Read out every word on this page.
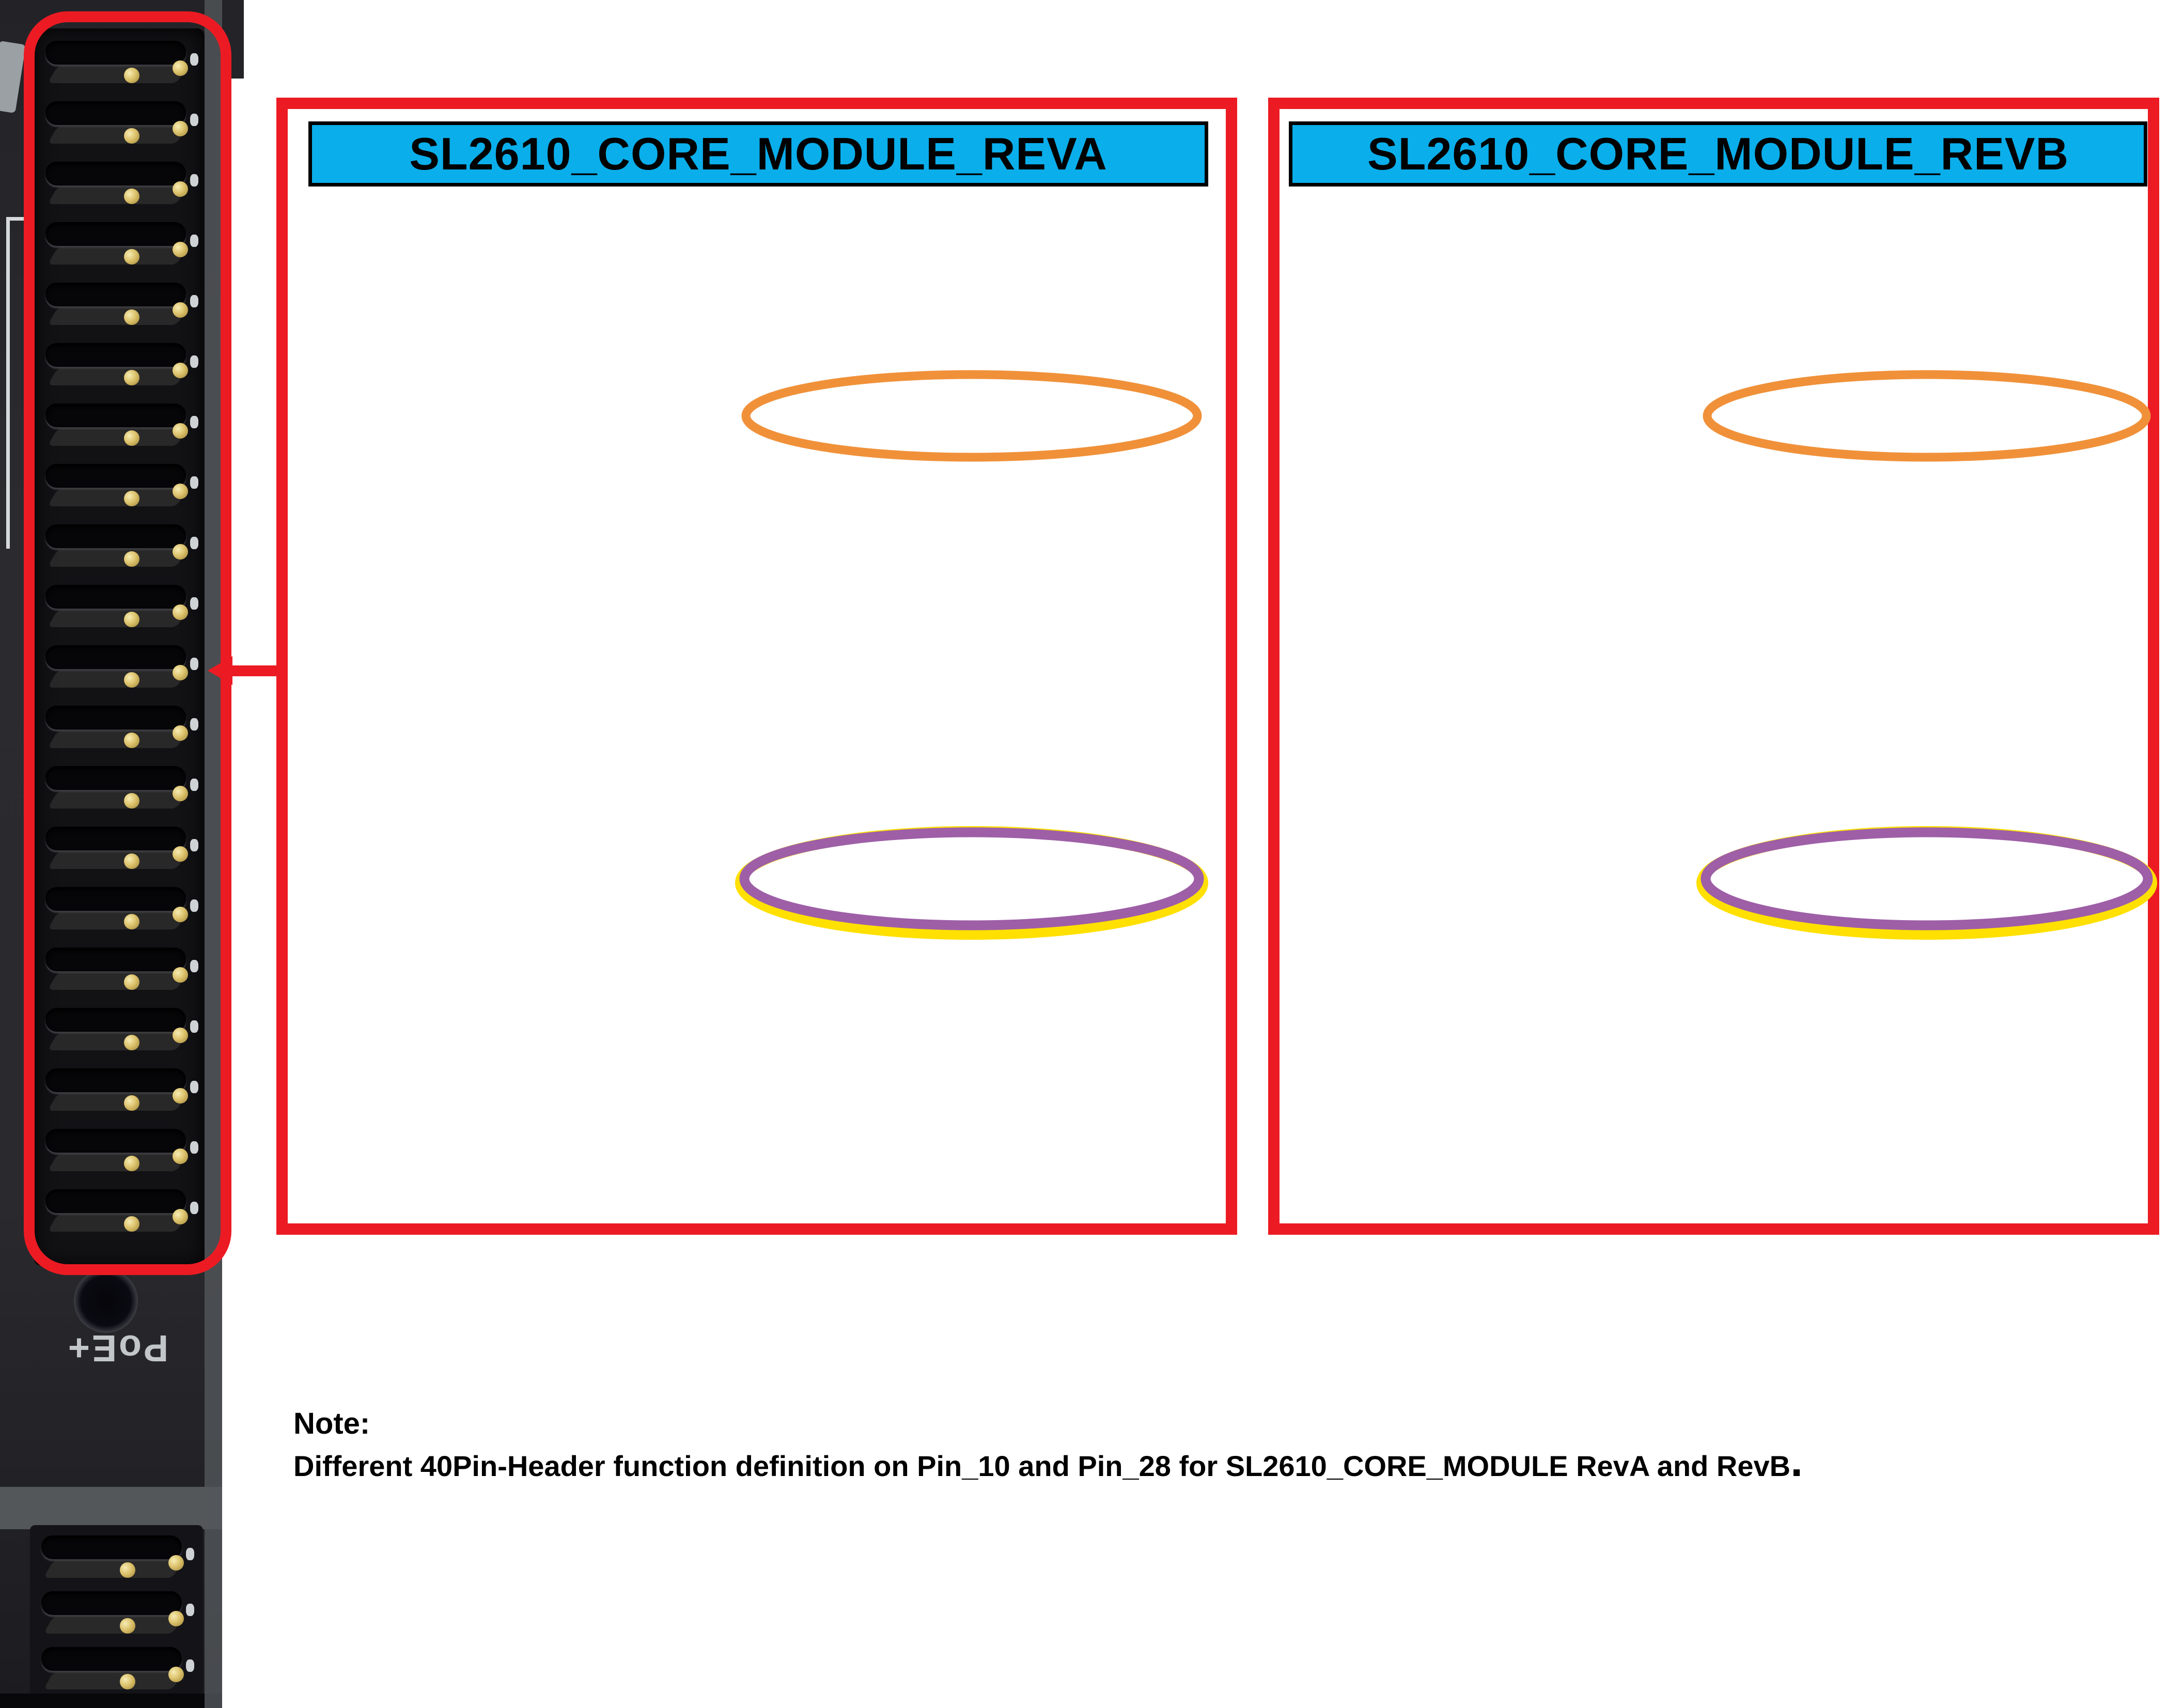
PoE+
SL2610_CORE_MODULE_REVA	SL2610_CORE_MODULE_REVB
Note:
Different 40Pin-Header function definition on Pin_10 and Pin_28 for SL2610_CORE_MODULE RevA and RevB.
